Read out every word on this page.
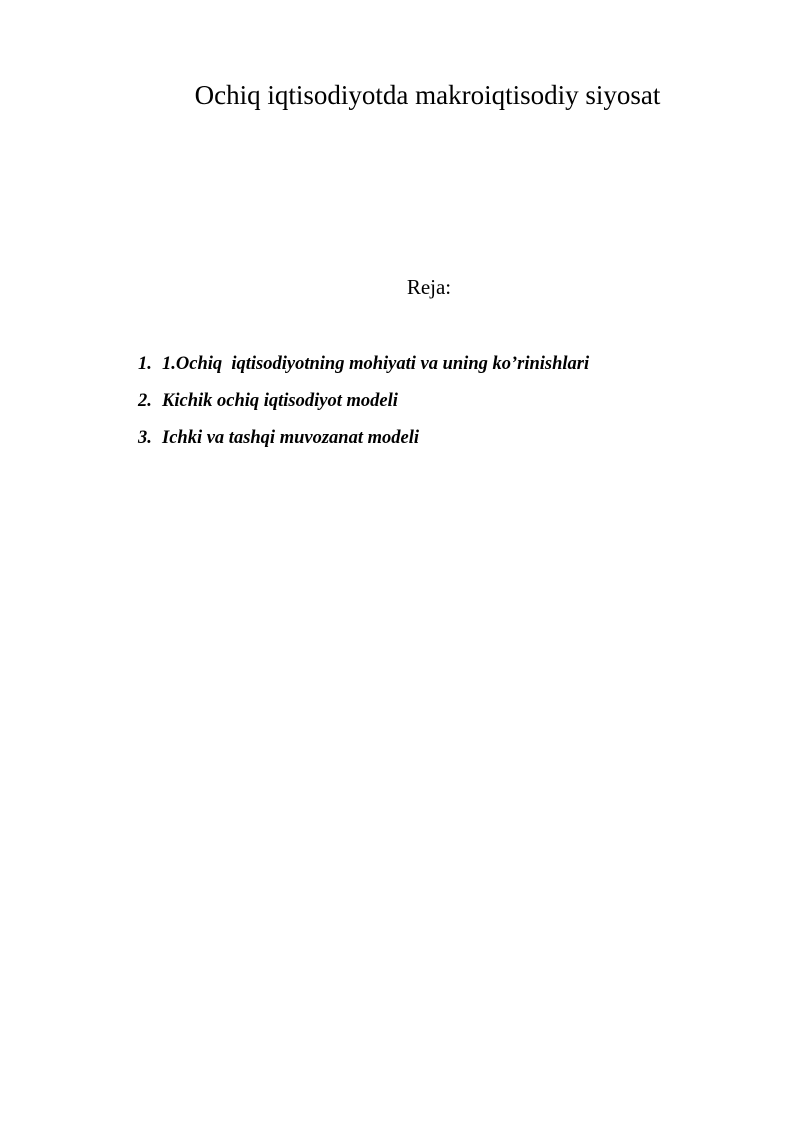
Ochiq iqtisodiyotda makroiqtisodiy siyosat
Reja:
1. 1.Ochiq  iqtisodiyotning mohiyati va uning ko’rinishlari
2. Kichik ochiq iqtisodiyot modeli
3. Ichki va tashqi muvozanat modeli
